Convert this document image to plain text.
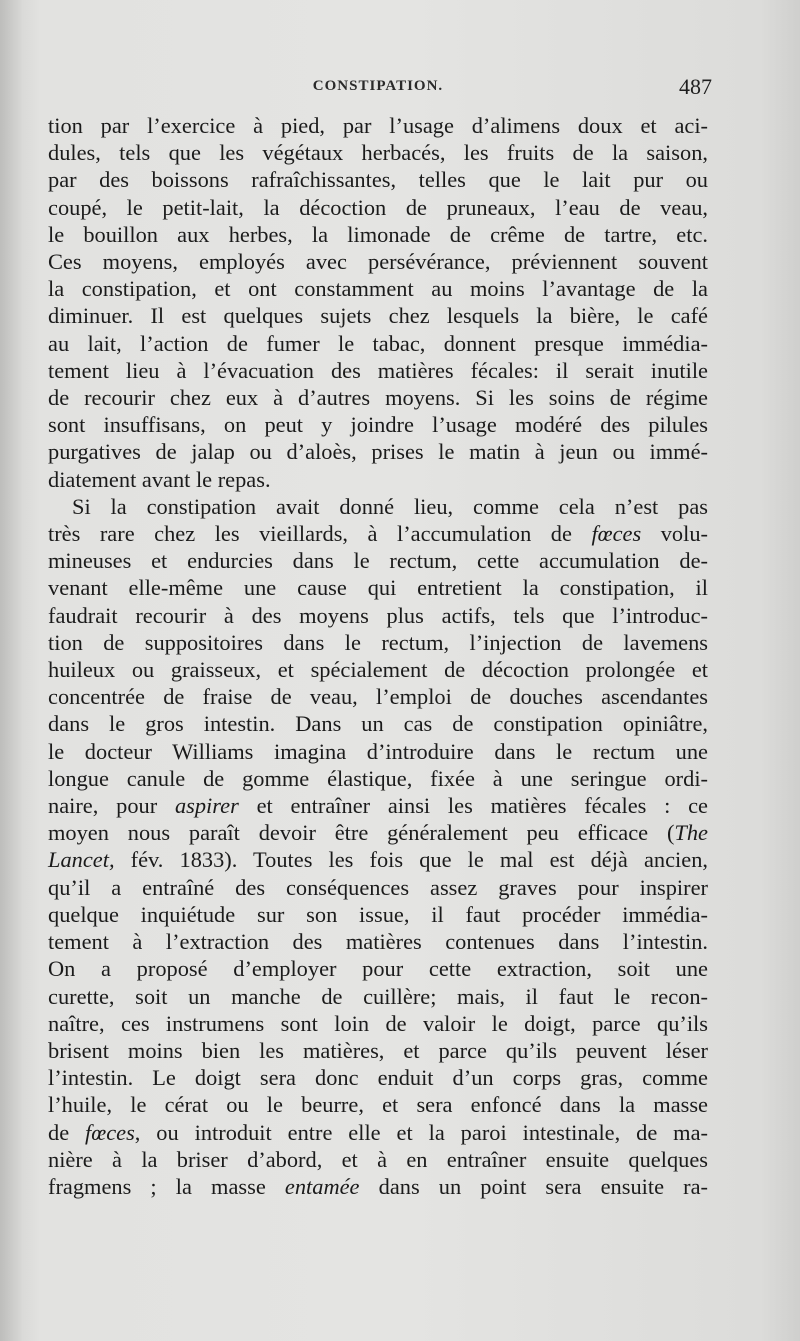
CONSTIPATION.	487
tion par l’exercice à pied, par l’usage d’alimens doux et aci-
dules, tels que les végétaux herbacés, les fruits de la saison,
par des boissons rafraîchissantes, telles que le lait pur ou
coupé, le petit-lait, la décoction de pruneaux, l’eau de veau,
le bouillon aux herbes, la limonade de crême de tartre, etc.
Ces moyens, employés avec persévérance, préviennent souvent
la constipation, et ont constamment au moins l’avantage de la
diminuer. Il est quelques sujets chez lesquels la bière, le café
au lait, l’action de fumer le tabac, donnent presque immédia-
tement lieu à l’évacuation des matières fécales: il serait inutile
de recourir chez eux à d’autres moyens. Si les soins de régime
sont insuffisans, on peut y joindre l’usage modéré des pilules
purgatives de jalap ou d’aloès, prises le matin à jeun ou immé-
diatement avant le repas.
Si la constipation avait donné lieu, comme cela n’est pas
très rare chez les vieillards, à l’accumulation de fœces volu-
mineuses et endurcies dans le rectum, cette accumulation de-
venant elle-même une cause qui entretient la constipation, il
faudrait recourir à des moyens plus actifs, tels que l’introduc-
tion de suppositoires dans le rectum, l’injection de lavemens
huileux ou graisseux, et spécialement de décoction prolongée et
concentrée de fraise de veau, l’emploi de douches ascendantes
dans le gros intestin. Dans un cas de constipation opiniâtre,
le docteur Williams imagina d’introduire dans le rectum une
longue canule de gomme élastique, fixée à une seringue ordi-
naire, pour aspirer et entraîner ainsi les matières fécales : ce
moyen nous paraît devoir être généralement peu efficace (The
Lancet, fév. 1833). Toutes les fois que le mal est déjà ancien,
qu’il a entraîné des conséquences assez graves pour inspirer
quelque inquiétude sur son issue, il faut procéder immédia-
tement à l’extraction des matières contenues dans l’intestin.
On a proposé d’employer pour cette extraction, soit une
curette, soit un manche de cuillère; mais, il faut le recon-
naître, ces instrumens sont loin de valoir le doigt, parce qu’ils
brisent moins bien les matières, et parce qu’ils peuvent léser
l’intestin. Le doigt sera donc enduit d’un corps gras, comme
l’huile, le cérat ou le beurre, et sera enfoncé dans la masse
de fœces, ou introduit entre elle et la paroi intestinale, de ma-
nière à la briser d’abord, et à en entraîner ensuite quelques
fragmens ; la masse entamée dans un point sera ensuite ra-
